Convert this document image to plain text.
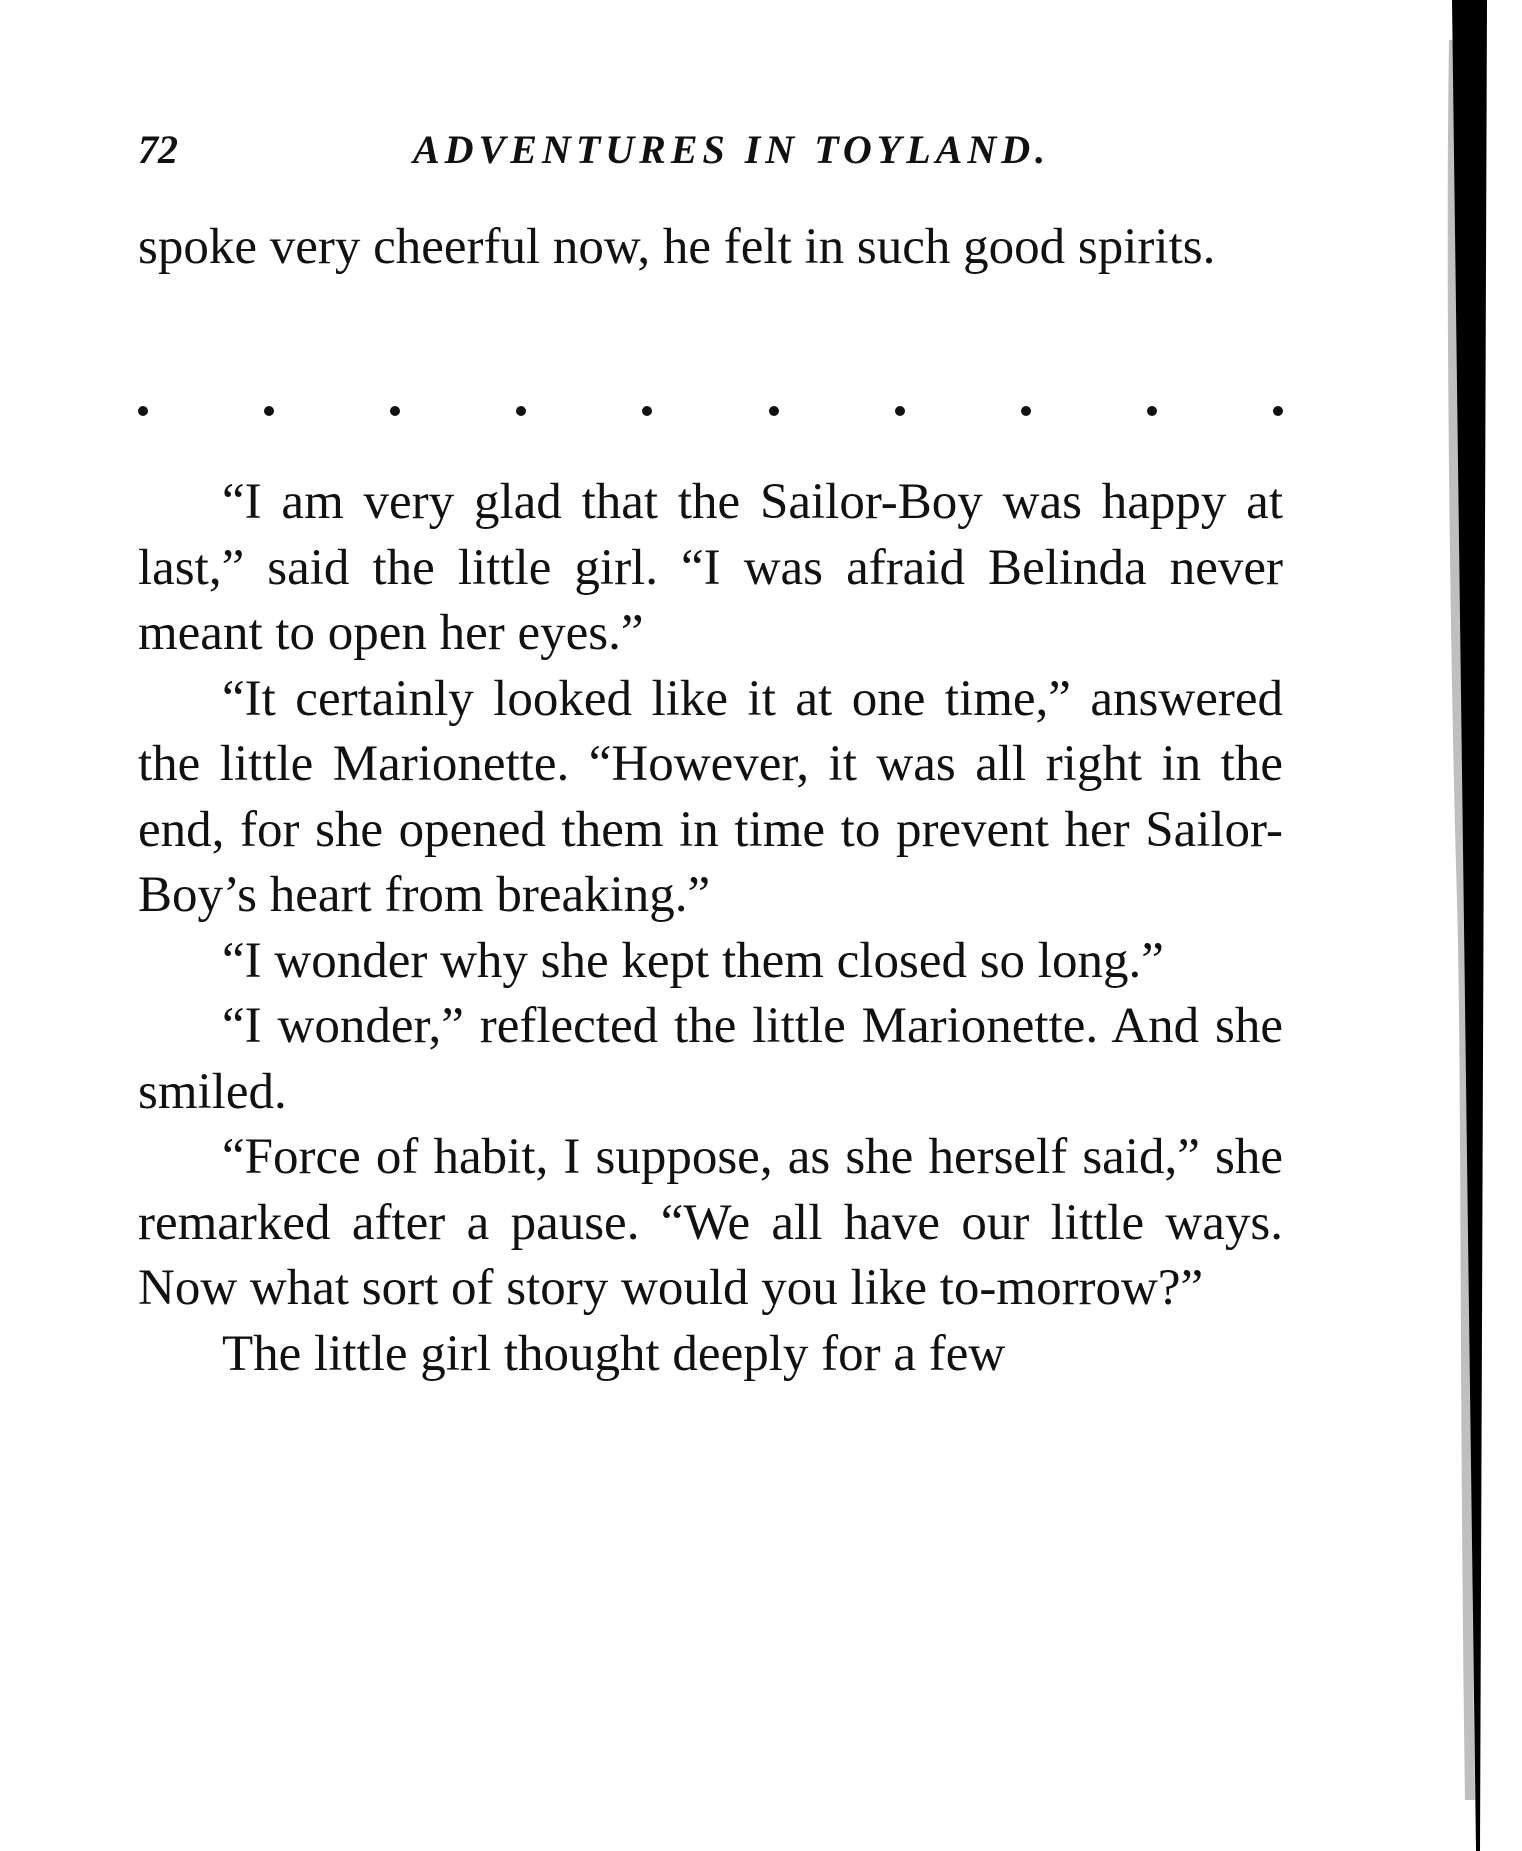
72	ADVENTURES IN TOYLAND.

spoke very cheerful now, he felt in such good spirits.

“I am very glad that the Sailor-Boy was happy at last,” said the little girl. “I was afraid Belinda never meant to open her eyes.”

“It certainly looked like it at one time,” answered the little Marionette. “However, it was all right in the end, for she opened them in time to prevent her Sailor-Boy’s heart from breaking.”

“I wonder why she kept them closed so long.”

“I wonder,” reflected the little Marionette. And she smiled.

“Force of habit, I suppose, as she herself said,” she remarked after a pause. “We all have our little ways. Now what sort of story would you like to-morrow?”

The little girl thought deeply for a few
